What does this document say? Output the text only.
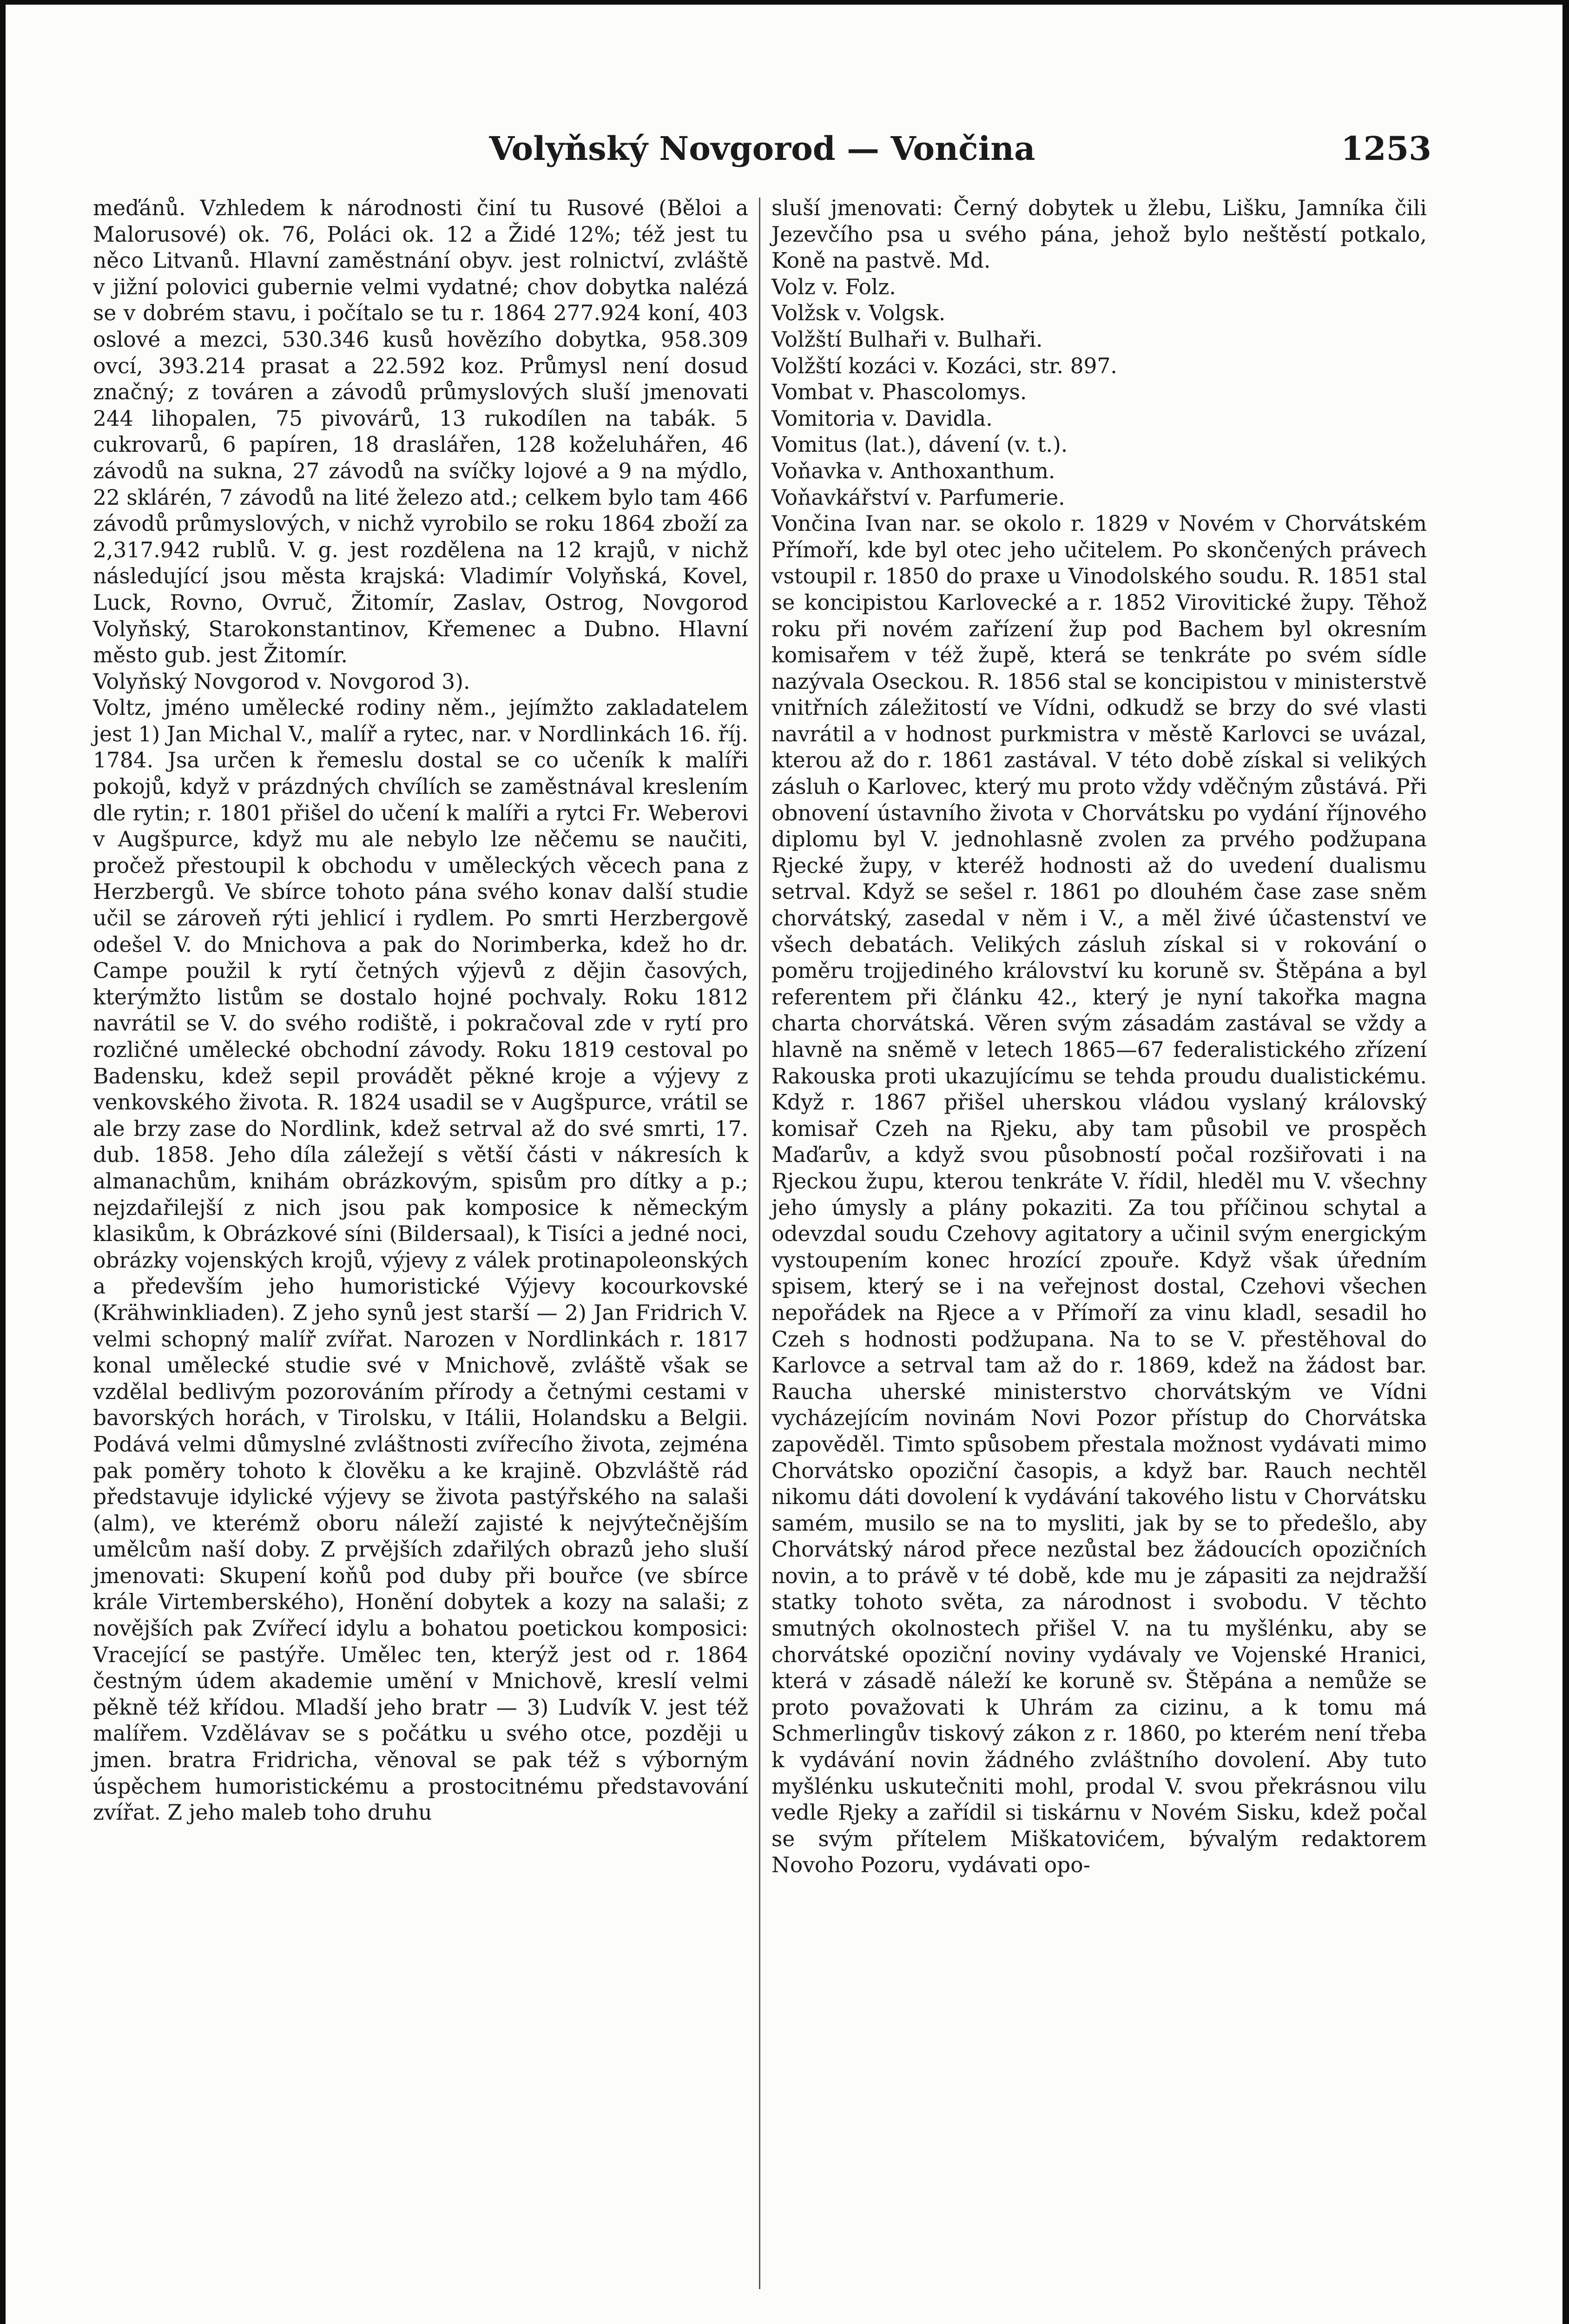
Volyňský Novgorod — Vončina	1253

meďánů. Vzhledem k národnosti činí tu Rusové (Běloi a Malorusové) ok. 76, Poláci ok. 12 a Židé 12%; též jest tu něco Litvanů. Hlavní zaměstnání obyv. jest rolnictví, zvláště v jižní polovici gubernie velmi vydatné; chov dobytka nalézá se v dobrém stavu, i počítalo se tu r. 1864 277.924 koní, 403 oslové a mezci, 530.346 kusů hovězího dobytka, 958.309 ovcí, 393.214 prasat a 22.592 koz. Průmysl není dosud značný; z továren a závodů průmyslových sluší jmenovati 244 lihopalen, 75 pivovárů, 13 rukodílen na tabák. 5 cukrovarů, 6 papíren, 18 draslářen, 128 koželuhářen, 46 závodů na sukna, 27 závodů na svíčky lojové a 9 na mýdlo, 22 sklárén, 7 závodů na lité železo atd.; celkem bylo tam 466 závodů průmyslových, v nichž vyrobilo se roku 1864 zboží za 2,317.942 rublů. V. g. jest rozdělena na 12 krajů, v nichž následující jsou města krajská: Vladimír Volyňská, Kovel, Luck, Rovno, Ovruč, Žitomír, Zaslav, Ostrog, Novgorod Volyňský, Starokonstantinov, Křemenec a Dubno. Hlavní město gub. jest Žitomír.

Volyňský Novgorod v. Novgorod 3).

Voltz, jméno umělecké rodiny něm., jejímžto zakladatelem jest 1) Jan Michal V., malíř a rytec, nar. v Nordlinkách 16. říj. 1784. Jsa určen k řemeslu dostal se co učeník k malíři pokojů, když v prázdných chvílích se zaměstnával kreslením dle rytin; r. 1801 přišel do učení k malíři a rytci Fr. Weberovi v Augšpurce, když mu ale nebylo lze něčemu se naučiti, pročež přestoupil k obchodu v uměleckých věcech pana z Herzbergů. Ve sbírce tohoto pána svého konav další studie učil se zároveň rýti jehlicí i rydlem. Po smrti Herzbergově odešel V. do Mnichova a pak do Norimberka, kdež ho dr. Campe použil k rytí četných výjevů z dějin časových, kterýmžto listům se dostalo hojné pochvaly. Roku 1812 navrátil se V. do svého rodiště, i pokračoval zde v rytí pro rozličné umělecké obchodní závody. Roku 1819 cestoval po Badensku, kdež sepil provádět pěkné kroje a výjevy z venkovského života. R. 1824 usadil se v Augšpurce, vrátil se ale brzy zase do Nordlink, kdež setrval až do své smrti, 17. dub. 1858. Jeho díla záležejí s větší části v nákresích k almanachům, knihám obrázkovým, spisům pro dítky a p.; nejzdařilejší z nich jsou pak komposice k německým klasikům, k Obrázkové síni (Bildersaal), k Tisíci a jedné noci, obrázky vojenských krojů, výjevy z válek protinapoleonských a především jeho humoristické Výjevy kocourkovské (Krähwinkliaden). Z jeho synů jest starší — 2) Jan Fridrich V. velmi schopný malíř zvířat. Narozen v Nordlinkách r. 1817 konal umělecké studie své v Mnichově, zvláště však se vzdělal bedlivým pozorováním přírody a četnými cestami v bavorských horách, v Tirolsku, v Itálii, Holandsku a Belgii. Podává velmi důmyslné zvláštnosti zvířecího života, zejména pak poměry tohoto k člověku a ke krajině. Obzvláště rád představuje idylické výjevy se života pastýřského na salaši (alm), ve kterémž oboru náleží zajisté k nejvýtečnějším umělcům naší doby. Z prvějších zdařilých obrazů jeho sluší jmenovati: Skupení koňů pod duby při bouřce (ve sbírce krále Virtemberského), Honění dobytek a kozy na salaši; z novějších pak Zvířecí idylu a bohatou poetickou komposici: Vracející se pastýře. Umělec ten, kterýž jest od r. 1864 čestným údem akademie umění v Mnichově, kreslí velmi pěkně též křídou. Mladší jeho bratr — 3) Ludvík V. jest též malířem. Vzdělávav se s počátku u svého otce, později u jmen. bratra Fridricha, věnoval se pak též s výborným úspěchem humoristickému a prostocitnému představování zvířat. Z jeho maleb toho druhu

sluší jmenovati: Černý dobytek u žlebu, Lišku, Jamníka čili Jezevčího psa u svého pána, jehož bylo neštěstí potkalo, Koně na pastvě. Md.

Volz v. Folz.

Volžsk v. Volgsk.

Volžští Bulhaři v. Bulhaři.

Volžští kozáci v. Kozáci, str. 897.

Vombat v. Phascolomys.

Vomitoria v. Davidla.

Vomitus (lat.), dávení (v. t.).

Voňavka v. Anthoxanthum.

Voňavkářství v. Parfumerie.

Vončina Ivan nar. se okolo r. 1829 v Novém v Chorvátském Přímoří, kde byl otec jeho učitelem. Po skončených právech vstoupil r. 1850 do praxe u Vinodolského soudu. R. 1851 stal se koncipistou Karlovecké a r. 1852 Virovitické župy. Těhož roku při novém zařízení žup pod Bachem byl okresním komisařem v též župě, která se tenkráte po svém sídle nazývala Oseckou. R. 1856 stal se koncipistou v ministerstvě vnitřních záležitostí ve Vídni, odkudž se brzy do své vlasti navrátil a v hodnost purkmistra v městě Karlovci se uvázal, kterou až do r. 1861 zastával. V této době získal si velikých zásluh o Karlovec, který mu proto vždy vděčným zůstává. Při obnovení ústavního života v Chorvátsku po vydání říjnového diplomu byl V. jednohlasně zvolen za prvého podžupana Rjecké župy, v kteréž hodnosti až do uvedení dualismu setrval. Když se sešel r. 1861 po dlouhém čase zase sněm chorvátský, zasedal v něm i V., a měl živé účastenství ve všech debatách. Velikých zásluh získal si v rokování o poměru trojjediného království ku koruně sv. Štěpána a byl referentem při článku 42., který je nyní takořka magna charta chorvátská. Věren svým zásadám zastával se vždy a hlavně na sněmě v letech 1865—67 federalistického zřízení Rakouska proti ukazujícímu se tehda proudu dualistickému. Když r. 1867 přišel uherskou vládou vyslaný královský komisař Czeh na Rjeku, aby tam působil ve prospěch Maďarův, a když svou působností počal rozšiřovati i na Rjeckou župu, kterou tenkráte V. řídil, hleděl mu V. všechny jeho úmysly a plány pokaziti. Za tou příčinou schytal a odevzdal soudu Czehovy agitatory a učinil svým energickým vystoupením konec hrozící zpouře. Když však úředním spisem, který se i na veřejnost dostal, Czehovi všechen nepořádek na Rjece a v Přímoří za vinu kladl, sesadil ho Czeh s hodnosti podžupana. Na to se V. přestěhoval do Karlovce a setrval tam až do r. 1869, kdež na žádost bar. Raucha uherské ministerstvo chorvátským ve Vídni vycházejícím novinám Novi Pozor přístup do Chorvátska zapověděl. Timto spůsobem přestala možnost vydávati mimo Chorvátsko opoziční časopis, a když bar. Rauch nechtěl nikomu dáti dovolení k vydávání takového listu v Chorvátsku samém, musilo se na to mysliti, jak by se to předešlo, aby Chorvátský národ přece nezůstal bez žádoucích opozičních novin, a to právě v té době, kde mu je zápasiti za nejdražší statky tohoto světa, za národnost i svobodu. V těchto smutných okolnostech přišel V. na tu myšlénku, aby se chorvátské opoziční noviny vydávaly ve Vojenské Hranici, která v zásadě náleží ke koruně sv. Štěpána a nemůže se proto považovati k Uhrám za cizinu, a k tomu má Schmerlingův tiskový zákon z r. 1860, po kterém není třeba k vydávání novin žádného zvláštního dovolení. Aby tuto myšlénku uskutečniti mohl, prodal V. svou překrásnou vilu vedle Rjeky a zařídil si tiskárnu v Novém Sisku, kdež počal se svým přítelem Miškatovićem, bývalým redaktorem Novoho Pozoru, vydávati opo-
